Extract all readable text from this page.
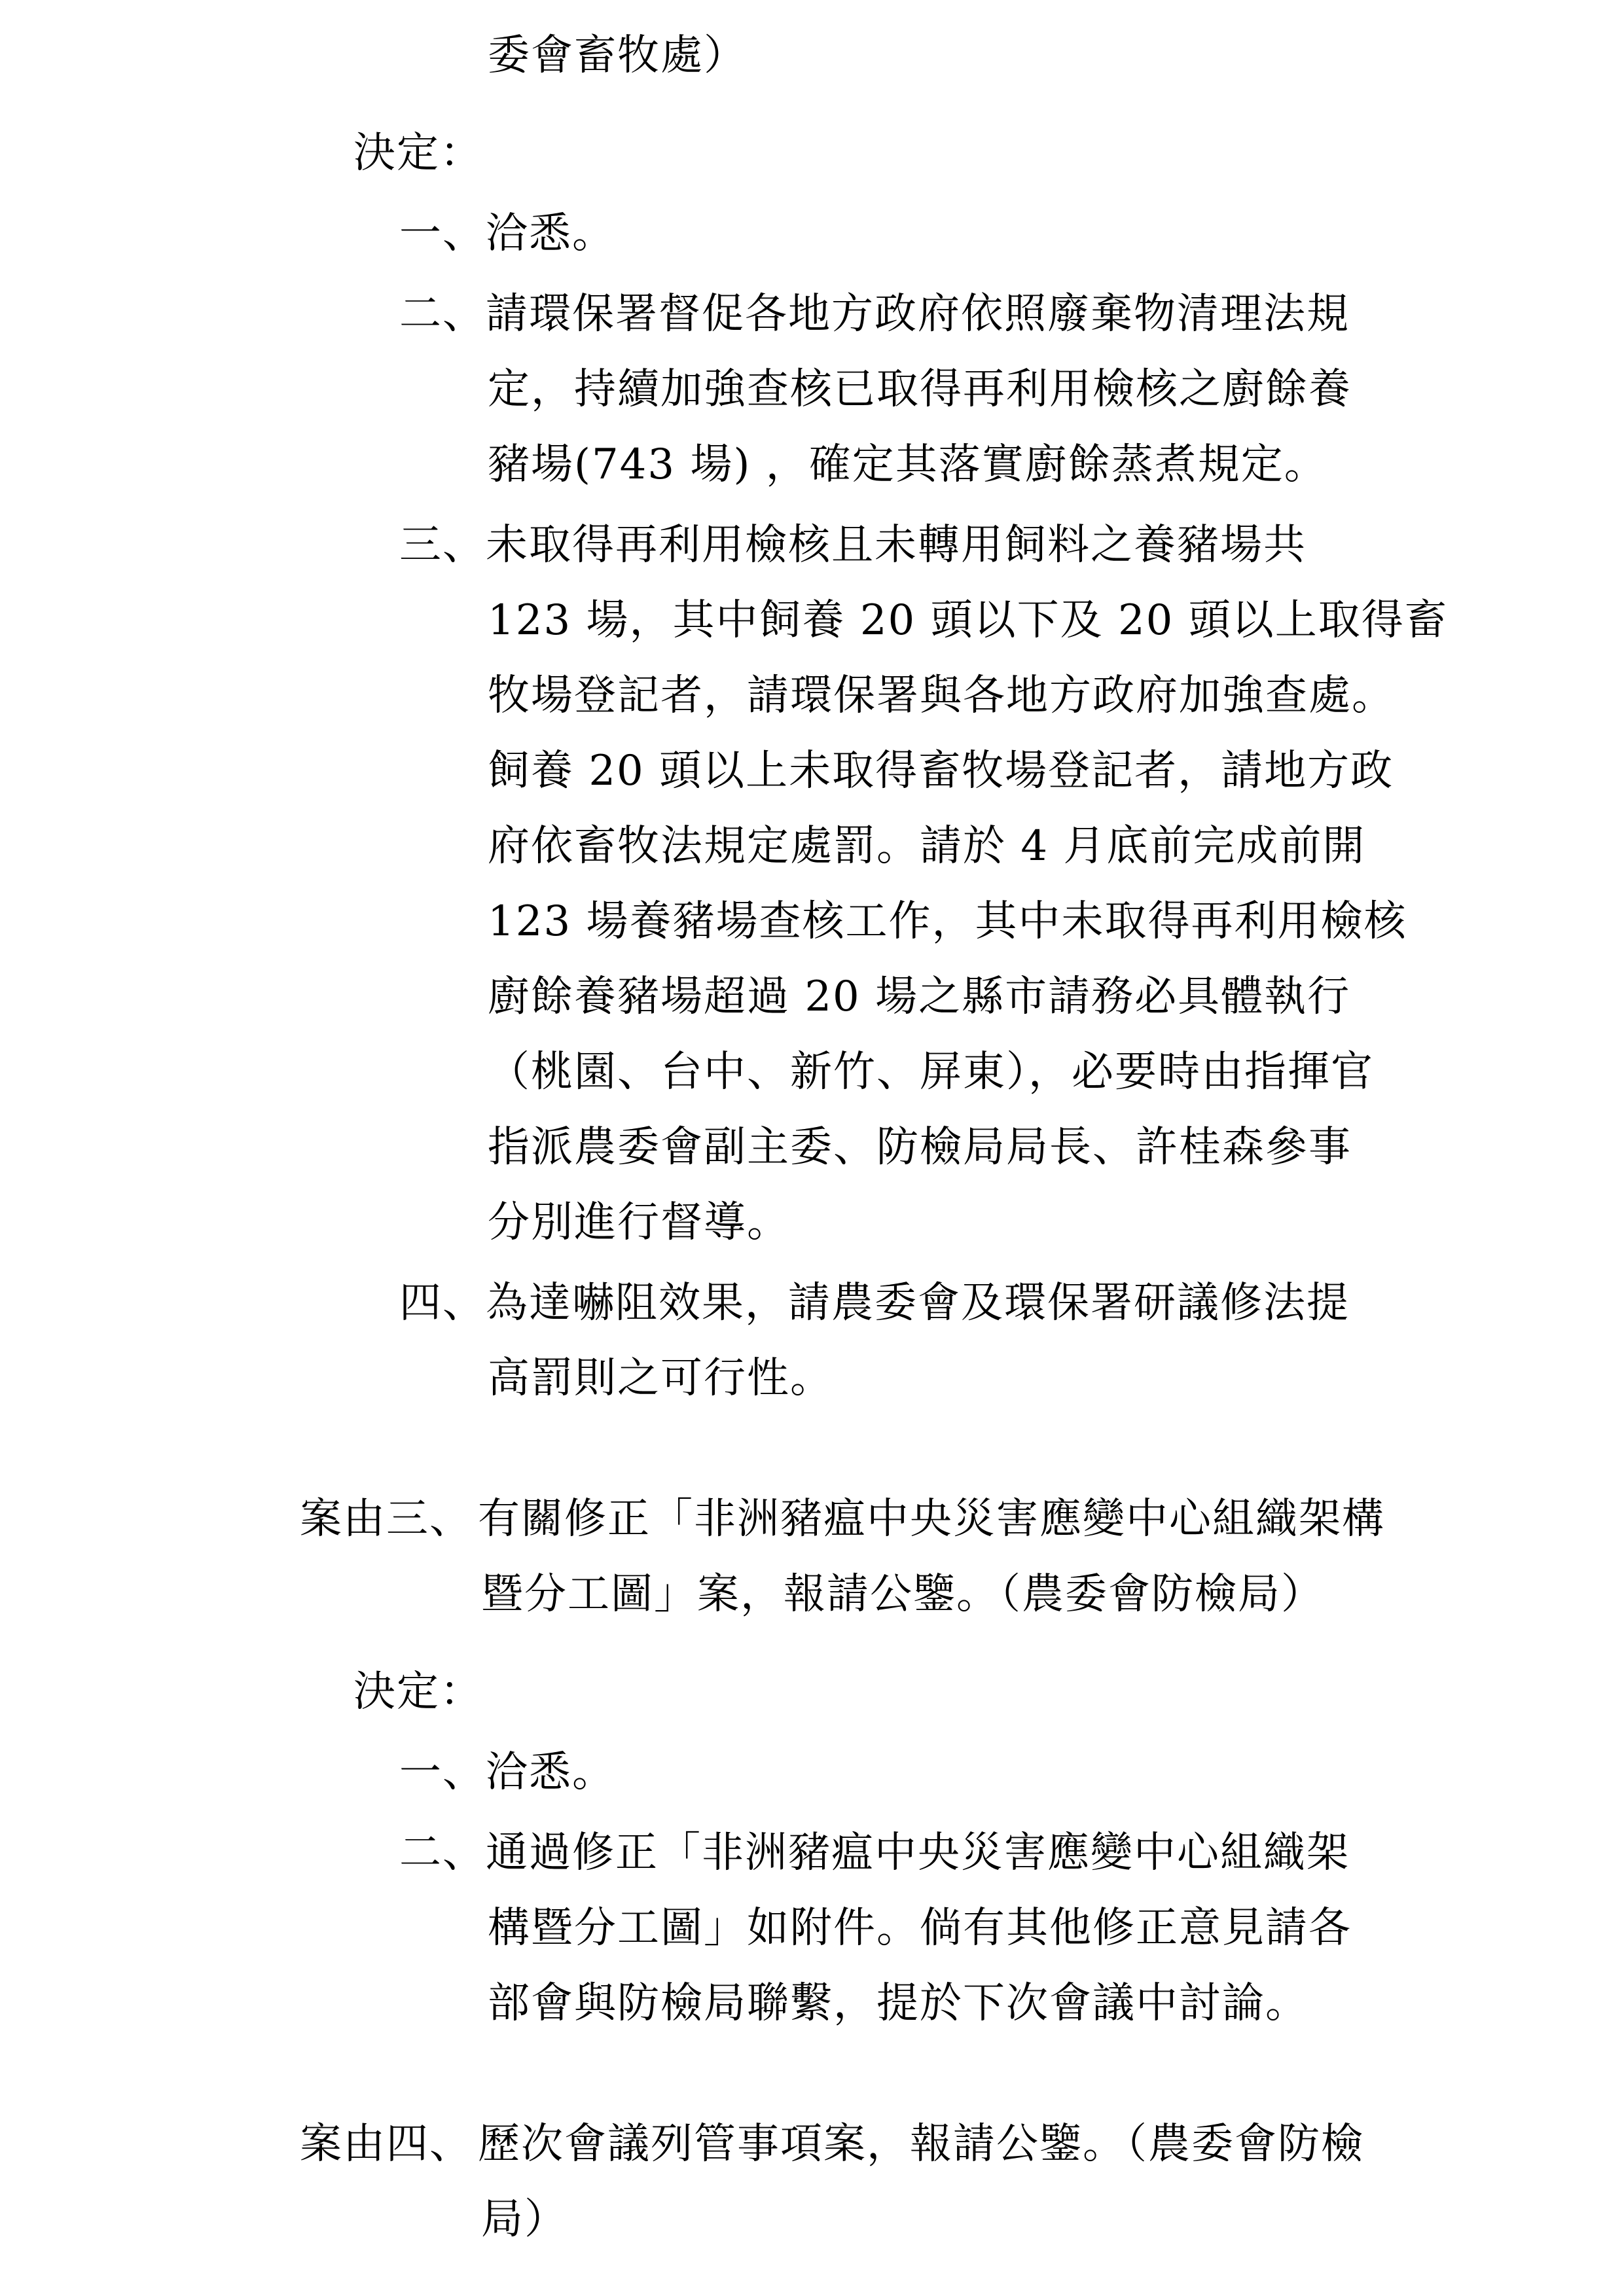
委會畜牧處）
決定：
一、洽悉。
二、請環保署督促各地方政府依照廢棄物清理法規
定，持續加強查核已取得再利用檢核之廚餘養
豬場(743 場) ，確定其落實廚餘蒸煮規定。
三、未取得再利用檢核且未轉用飼料之養豬場共
123 場，其中飼養 20 頭以下及 20 頭以上取得畜
牧場登記者，請環保署與各地方政府加強查處。
飼養 20 頭以上未取得畜牧場登記者，請地方政
府依畜牧法規定處罰。請於 4 月底前完成前開
123 場養豬場查核工作，其中未取得再利用檢核
廚餘養豬場超過 20 場之縣市請務必具體執行
（桃園、台中、新竹、屏東），必要時由指揮官
指派農委會副主委、防檢局局長、許桂森參事
分別進行督導。
四、為達嚇阻效果，請農委會及環保署研議修法提
高罰則之可行性。
案由三、 有關修正「非洲豬瘟中央災害應變中心組織架構
暨分工圖」案，報請公鑒。（農委會防檢局）
決定：
一、洽悉。
二、通過修正「非洲豬瘟中央災害應變中心組織架
構暨分工圖」如附件。倘有其他修正意見請各
部會與防檢局聯繫，提於下次會議中討論。
案由四、 歷次會議列管事項案，報請公鑒。（農委會防檢
局）
